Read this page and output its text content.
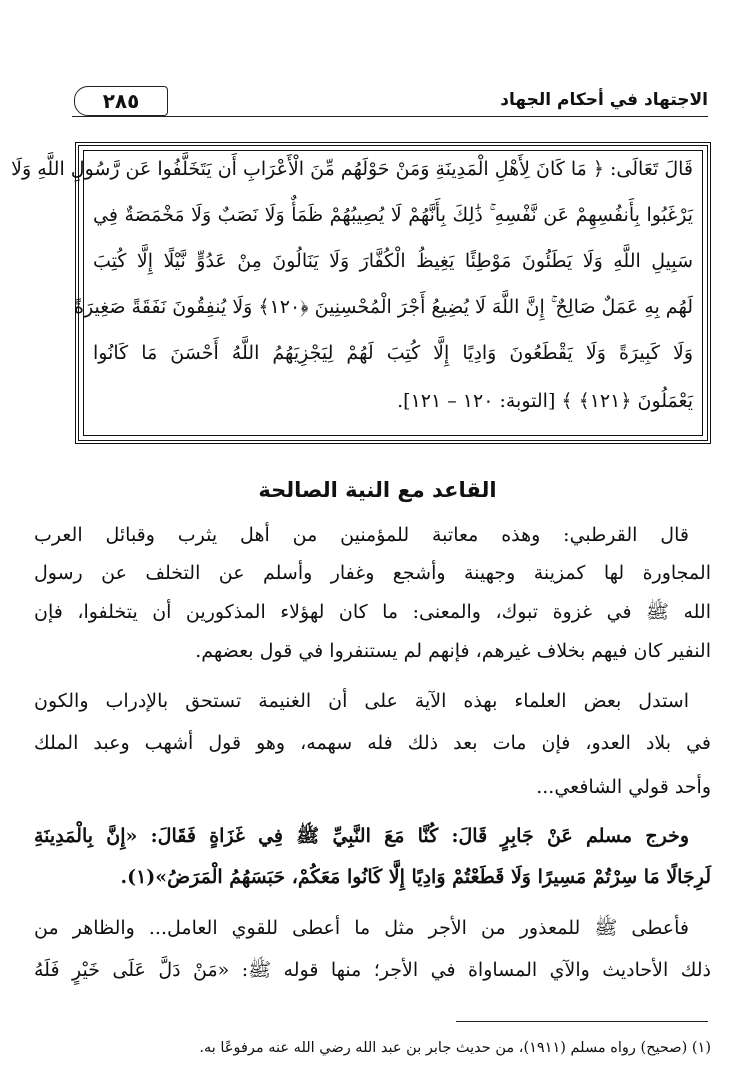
الاجتهاد في أحكام الجهاد
٢٨٥
قَالَ تَعَالَى: ﴿ مَا كَانَ لِأَهْلِ الْمَدِينَةِ وَمَنْ حَوْلَهُم مِّنَ الْأَعْرَابِ أَن يَتَخَلَّفُوا عَن رَّسُولِ اللَّهِ وَلَا
يَرْغَبُوا بِأَنفُسِهِمْ عَن نَّفْسِهِ ۚ ذَٰلِكَ بِأَنَّهُمْ لَا يُصِيبُهُمْ ظَمَأٌ وَلَا نَصَبٌ وَلَا مَخْمَصَةٌ فِي
سَبِيلِ اللَّهِ وَلَا يَطَئُونَ مَوْطِئًا يَغِيظُ الْكُفَّارَ وَلَا يَنَالُونَ مِنْ عَدُوٍّ نَّيْلًا إِلَّا كُتِبَ
لَهُم بِهِ عَمَلٌ صَالِحٌ ۚ إِنَّ اللَّهَ لَا يُضِيعُ أَجْرَ الْمُحْسِنِينَ ﴿١٢٠﴾ وَلَا يُنفِقُونَ نَفَقَةً صَغِيرَةً
وَلَا كَبِيرَةً وَلَا يَقْطَعُونَ وَادِيًا إِلَّا كُتِبَ لَهُمْ لِيَجْزِيَهُمُ اللَّهُ أَحْسَنَ مَا كَانُوا
يَعْمَلُونَ ﴿١٢١﴾ ﴾ [التوبة: ١٢٠ – ١٢١].
القاعد مع النية الصالحة
قال القرطبي: وهذه معاتبة للمؤمنين من أهل يثرب وقبائل العرب
المجاورة لها كمزينة وجهينة وأشجع وغفار وأسلم عن التخلف عن رسول
الله ﷺ في غزوة تبوك، والمعنى: ما كان لهؤلاء المذكورين أن يتخلفوا، فإن
النفير كان فيهم بخلاف غيرهم، فإنهم لم يستنفروا في قول بعضهم.
استدل بعض العلماء بهذه الآية على أن الغنيمة تستحق بالإدراب والكون
في بلاد العدو، فإن مات بعد ذلك فله سهمه، وهو قول أشهب وعبد الملك
وأحد قولي الشافعي...
وخرج مسلم عَنْ جَابِرٍ قَالَ: كُنَّا مَعَ النَّبِيِّ ﷺ فِي غَزَاةٍ فَقَالَ: «إِنَّ بِالْمَدِينَةِ
لَرِجَالًا مَا سِرْتُمْ مَسِيرًا وَلَا قَطَعْتُمْ وَادِيًا إِلَّا كَانُوا مَعَكُمْ، حَبَسَهُمُ الْمَرَضُ»(١).
فأعطى ﷺ للمعذور من الأجر مثل ما أعطى للقوي العامل... والظاهر من
ذلك الأحاديث والآي المساواة في الأجر؛ منها قوله ﷺ: «مَنْ دَلَّ عَلَى خَيْرٍ فَلَهُ
(١) (صحيح) رواه مسلم (١٩١١)، من حديث جابر بن عبد الله رضي الله عنه مرفوعًا به.
